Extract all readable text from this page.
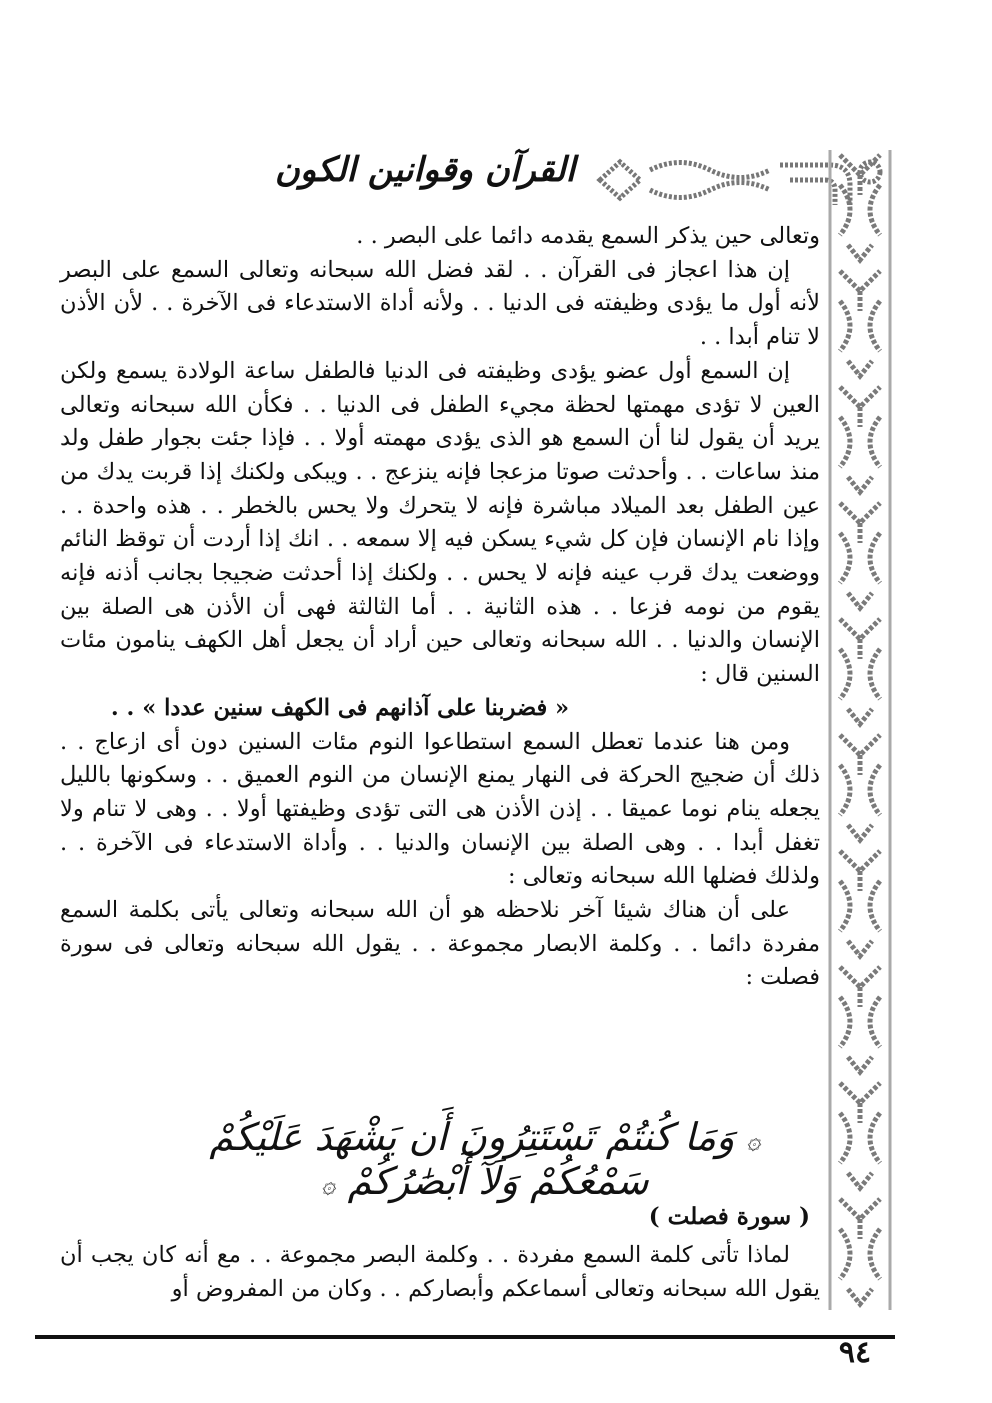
القرآن وقوانين الكون

وتعالى حين يذكر السمع يقدمه دائما على البصر . .

إن هذا اعجاز فى القرآن . . لقد فضل الله سبحانه وتعالى السمع على البصر لأنه أول ما يؤدى وظيفته فى الدنيا . . ولأنه أداة الاستدعاء فى الآخرة . . لأن الأذن لا تنام أبدا . .

إن السمع أول عضو يؤدى وظيفته فى الدنيا فالطفل ساعة الولادة يسمع ولكن العين لا تؤدى مهمتها لحظة مجيء الطفل فى الدنيا . . فكأن الله سبحانه وتعالى يريد أن يقول لنا أن السمع هو الذى يؤدى مهمته أولا . . فإذا جئت بجوار طفل ولد منذ ساعات . . وأحدثت صوتا مزعجا فإنه ينزعج . . ويبكى ولكنك إذا قربت يدك من عين الطفل بعد الميلاد مباشرة فإنه لا يتحرك ولا يحس بالخطر . . هذه واحدة . . وإذا نام الإنسان فإن كل شيء يسكن فيه إلا سمعه . . انك إذا أردت أن توقظ النائم ووضعت يدك قرب عينه فإنه لا يحس . . ولكنك إذا أحدثت ضجيجا بجانب أذنه فإنه يقوم من نومه فزعا . . هذه الثانية . . أما الثالثة فهى أن الأذن هى الصلة بين الإنسان والدنيا . . الله سبحانه وتعالى حين أراد أن يجعل أهل الكهف ينامون مئات السنين قال :

« فضربنا على آذانهم فى الكهف سنين عددا » . .

ومن هنا عندما تعطل السمع استطاعوا النوم مئات السنين دون أى ازعاج . . ذلك أن ضجيج الحركة فى النهار يمنع الإنسان من النوم العميق . . وسكونها بالليل يجعله ينام نوما عميقا . . إذن الأذن هى التى تؤدى وظيفتها أولا . . وهى لا تنام ولا تغفل أبدا . . وهى الصلة بين الإنسان والدنيا . . وأداة الاستدعاء فى الآخرة . . ولذلك فضلها الله سبحانه وتعالى :

على أن هناك شيئا آخر نلاحظه هو أن الله سبحانه وتعالى يأتى بكلمة السمع مفردة دائما . . وكلمة الابصار مجموعة . . يقول الله سبحانه وتعالى فى سورة فصلت :

۞ وَمَا كُنتُمْ تَسْتَتِرُونَ أَن يَشْهَدَ عَلَيْكُمْ سَمْعُكُمْ وَلَآ أَبْصَٰرُكُمْ ۞
( سورة فصلت )

لماذا تأتى كلمة السمع مفردة . . وكلمة البصر مجموعة . . مع أنه كان يجب أن يقول الله سبحانه وتعالى أسماعكم وأبصاركم . . وكان من المفروض أو

٩٤
